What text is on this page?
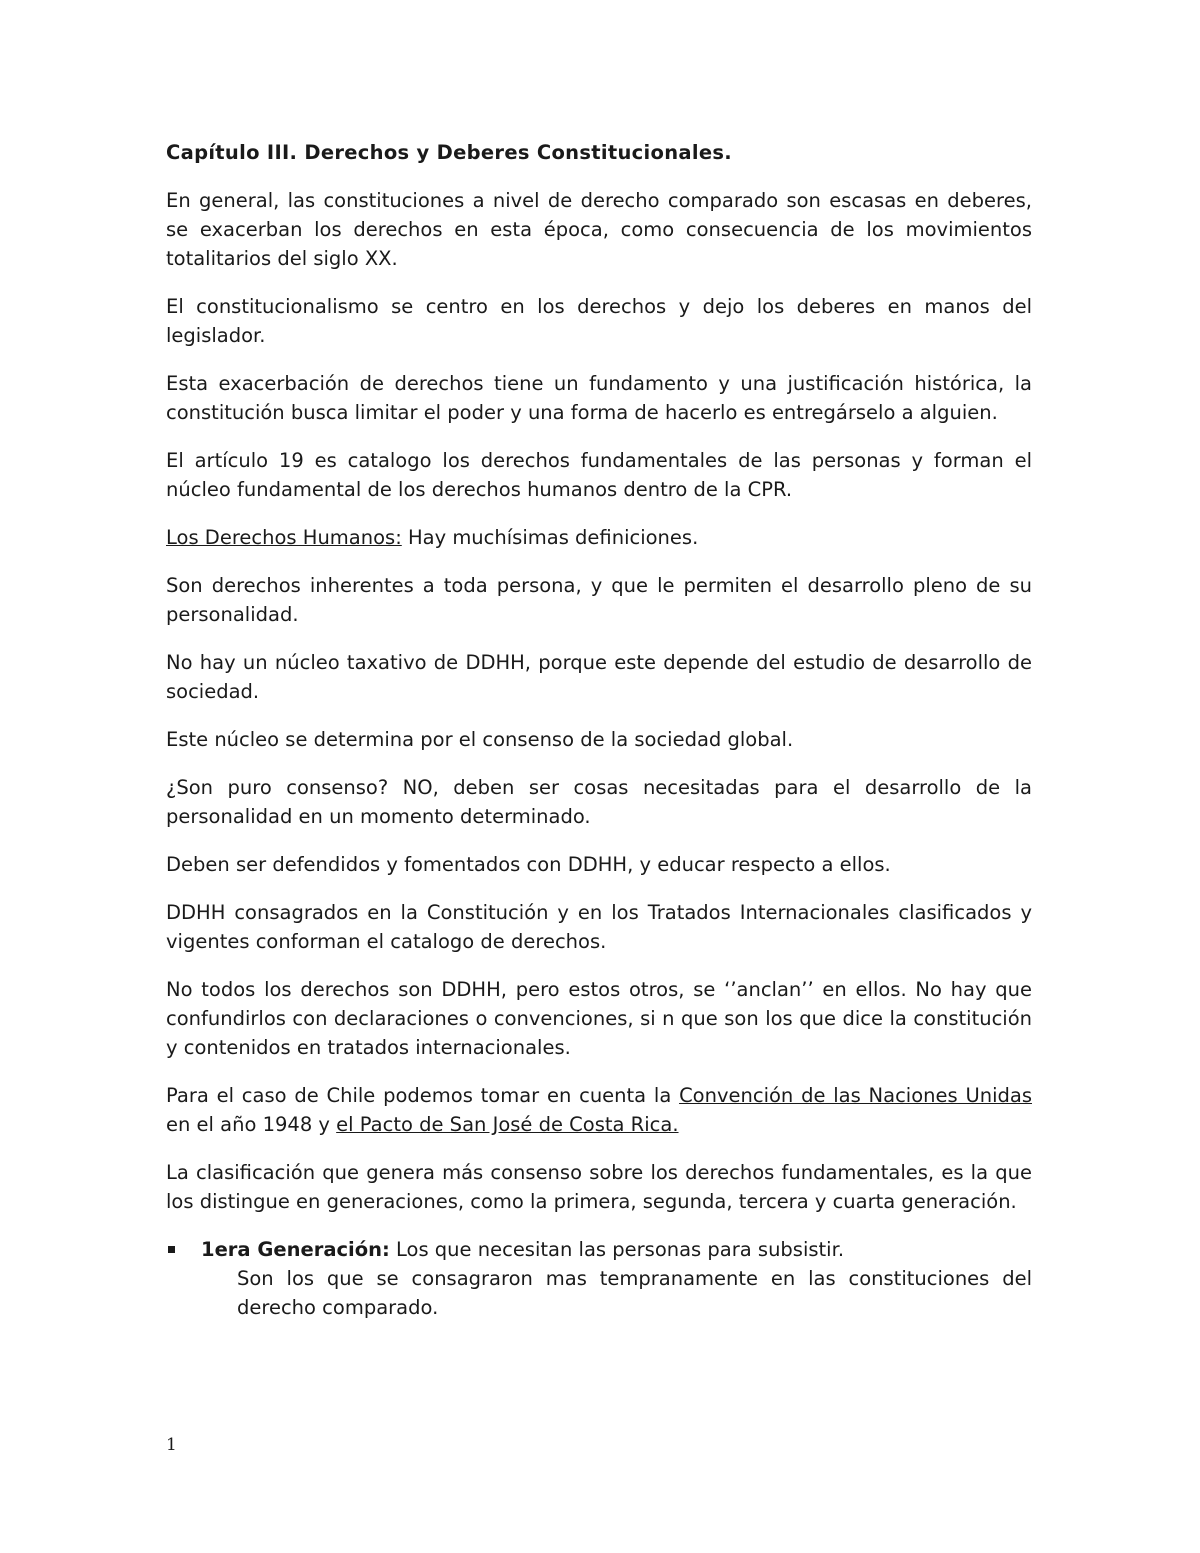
Capítulo III. Derechos y Deberes Constitucionales.

En general, las constituciones a nivel de derecho comparado son escasas en deberes, se exacerban los derechos en esta época, como consecuencia de los movimientos totalitarios del siglo XX.

El constitucionalismo se centro en los derechos y dejo los deberes en manos del legislador.

Esta exacerbación de derechos tiene un fundamento y una justificación histórica, la constitución busca limitar el poder y una forma de hacerlo es entregárselo a alguien.

El artículo 19 es catalogo los derechos fundamentales de las personas y forman el núcleo fundamental de los derechos humanos dentro de la CPR.

Los Derechos Humanos: Hay muchísimas definiciones.

Son derechos inherentes a toda persona, y que le permiten el desarrollo pleno de su personalidad.

No hay un núcleo taxativo de DDHH, porque este depende del estudio de desarrollo de sociedad.

Este núcleo se determina por el consenso de la sociedad global.

¿Son puro consenso? NO, deben ser cosas necesitadas para el desarrollo de la personalidad en un momento determinado.

Deben ser defendidos y fomentados con DDHH, y educar respecto a ellos.

DDHH consagrados en la Constitución y en los Tratados Internacionales clasificados y vigentes conforman el catalogo de derechos.

No todos los derechos son DDHH, pero estos otros, se ‘’anclan’’ en ellos. No hay que confundirlos con declaraciones o convenciones, si n que son los que dice la constitución y contenidos en tratados internacionales.

Para el caso de Chile podemos tomar en cuenta la Convención de las Naciones Unidas en el año 1948 y el Pacto de San José de Costa Rica.

La clasificación que genera más consenso sobre los derechos fundamentales, es la que los distingue en generaciones, como la primera, segunda, tercera y cuarta generación.

1era Generación: Los que necesitan las personas para subsistir.
Son los que se consagraron mas tempranamente en las constituciones del derecho comparado.
1
